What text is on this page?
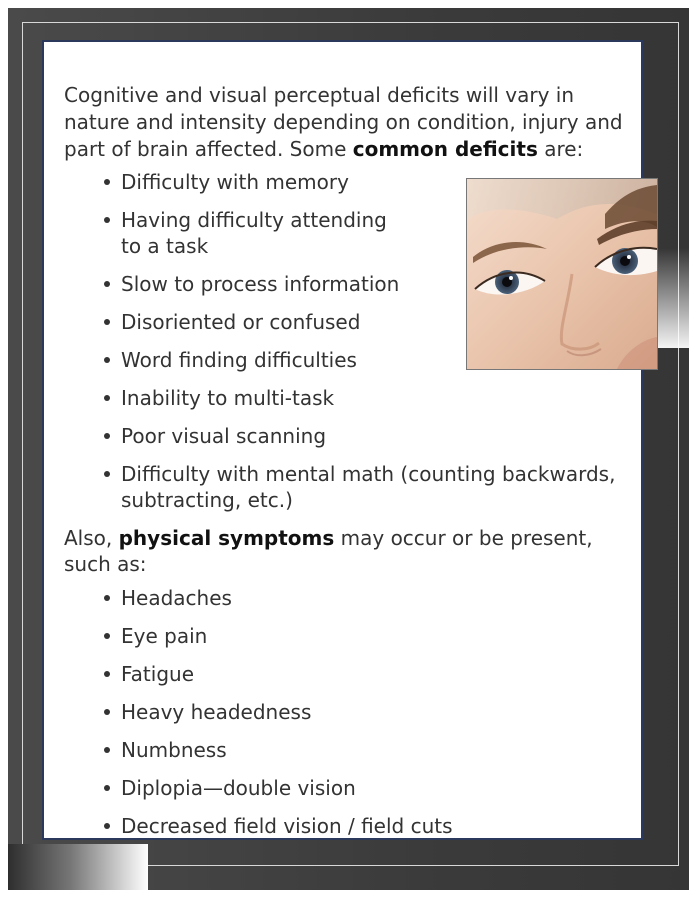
Cognitive and visual perceptual deficits will vary in nature and intensity depending on condition, injury and part of brain affected. Some common deficits are:

Difficulty with memory
Having difficulty attending to a task
Slow to process information
Disoriented or confused
Word finding difficulties
Inability to multi-task
Poor visual scanning
Difficulty with mental math (counting backwards, subtracting, etc.)

Also, physical symptoms may occur or be present, such as:

Headaches
Eye pain
Fatigue
Heavy headedness
Numbness
Diplopia—double vision
Decreased field vision / field cuts
